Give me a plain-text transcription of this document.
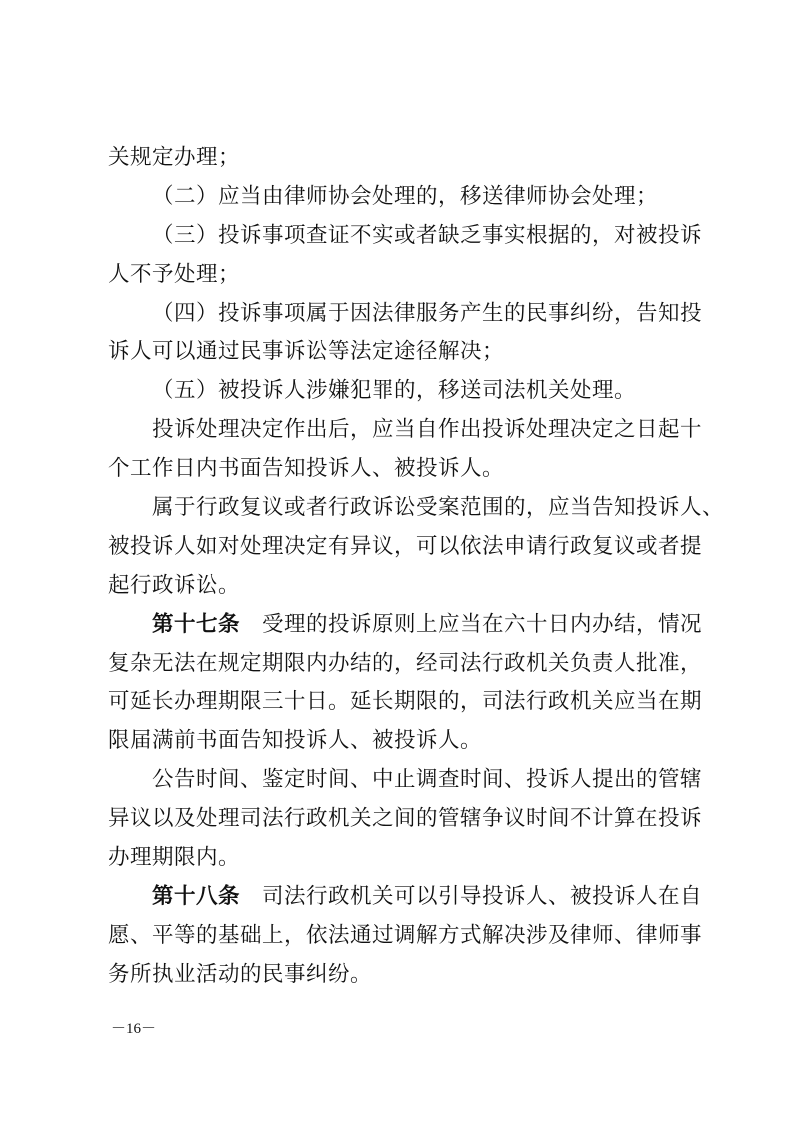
关规定办理；
（二）应当由律师协会处理的，移送律师协会处理；
（三）投诉事项查证不实或者缺乏事实根据的，对被投诉
人不予处理；
（四）投诉事项属于因法律服务产生的民事纠纷，告知投
诉人可以通过民事诉讼等法定途径解决；
（五）被投诉人涉嫌犯罪的，移送司法机关处理。
投诉处理决定作出后，应当自作出投诉处理决定之日起十
个工作日内书面告知投诉人、被投诉人。
属于行政复议或者行政诉讼受案范围的，应当告知投诉人、
被投诉人如对处理决定有异议，可以依法申请行政复议或者提
起行政诉讼。
第十七条 受理的投诉原则上应当在六十日内办结，情况
复杂无法在规定期限内办结的，经司法行政机关负责人批准，
可延长办理期限三十日。延长期限的，司法行政机关应当在期
限届满前书面告知投诉人、被投诉人。
公告时间、鉴定时间、中止调查时间、投诉人提出的管辖
异议以及处理司法行政机关之间的管辖争议时间不计算在投诉
办理期限内。
第十八条 司法行政机关可以引导投诉人、被投诉人在自
愿、平等的基础上，依法通过调解方式解决涉及律师、律师事
务所执业活动的民事纠纷。
－16－
